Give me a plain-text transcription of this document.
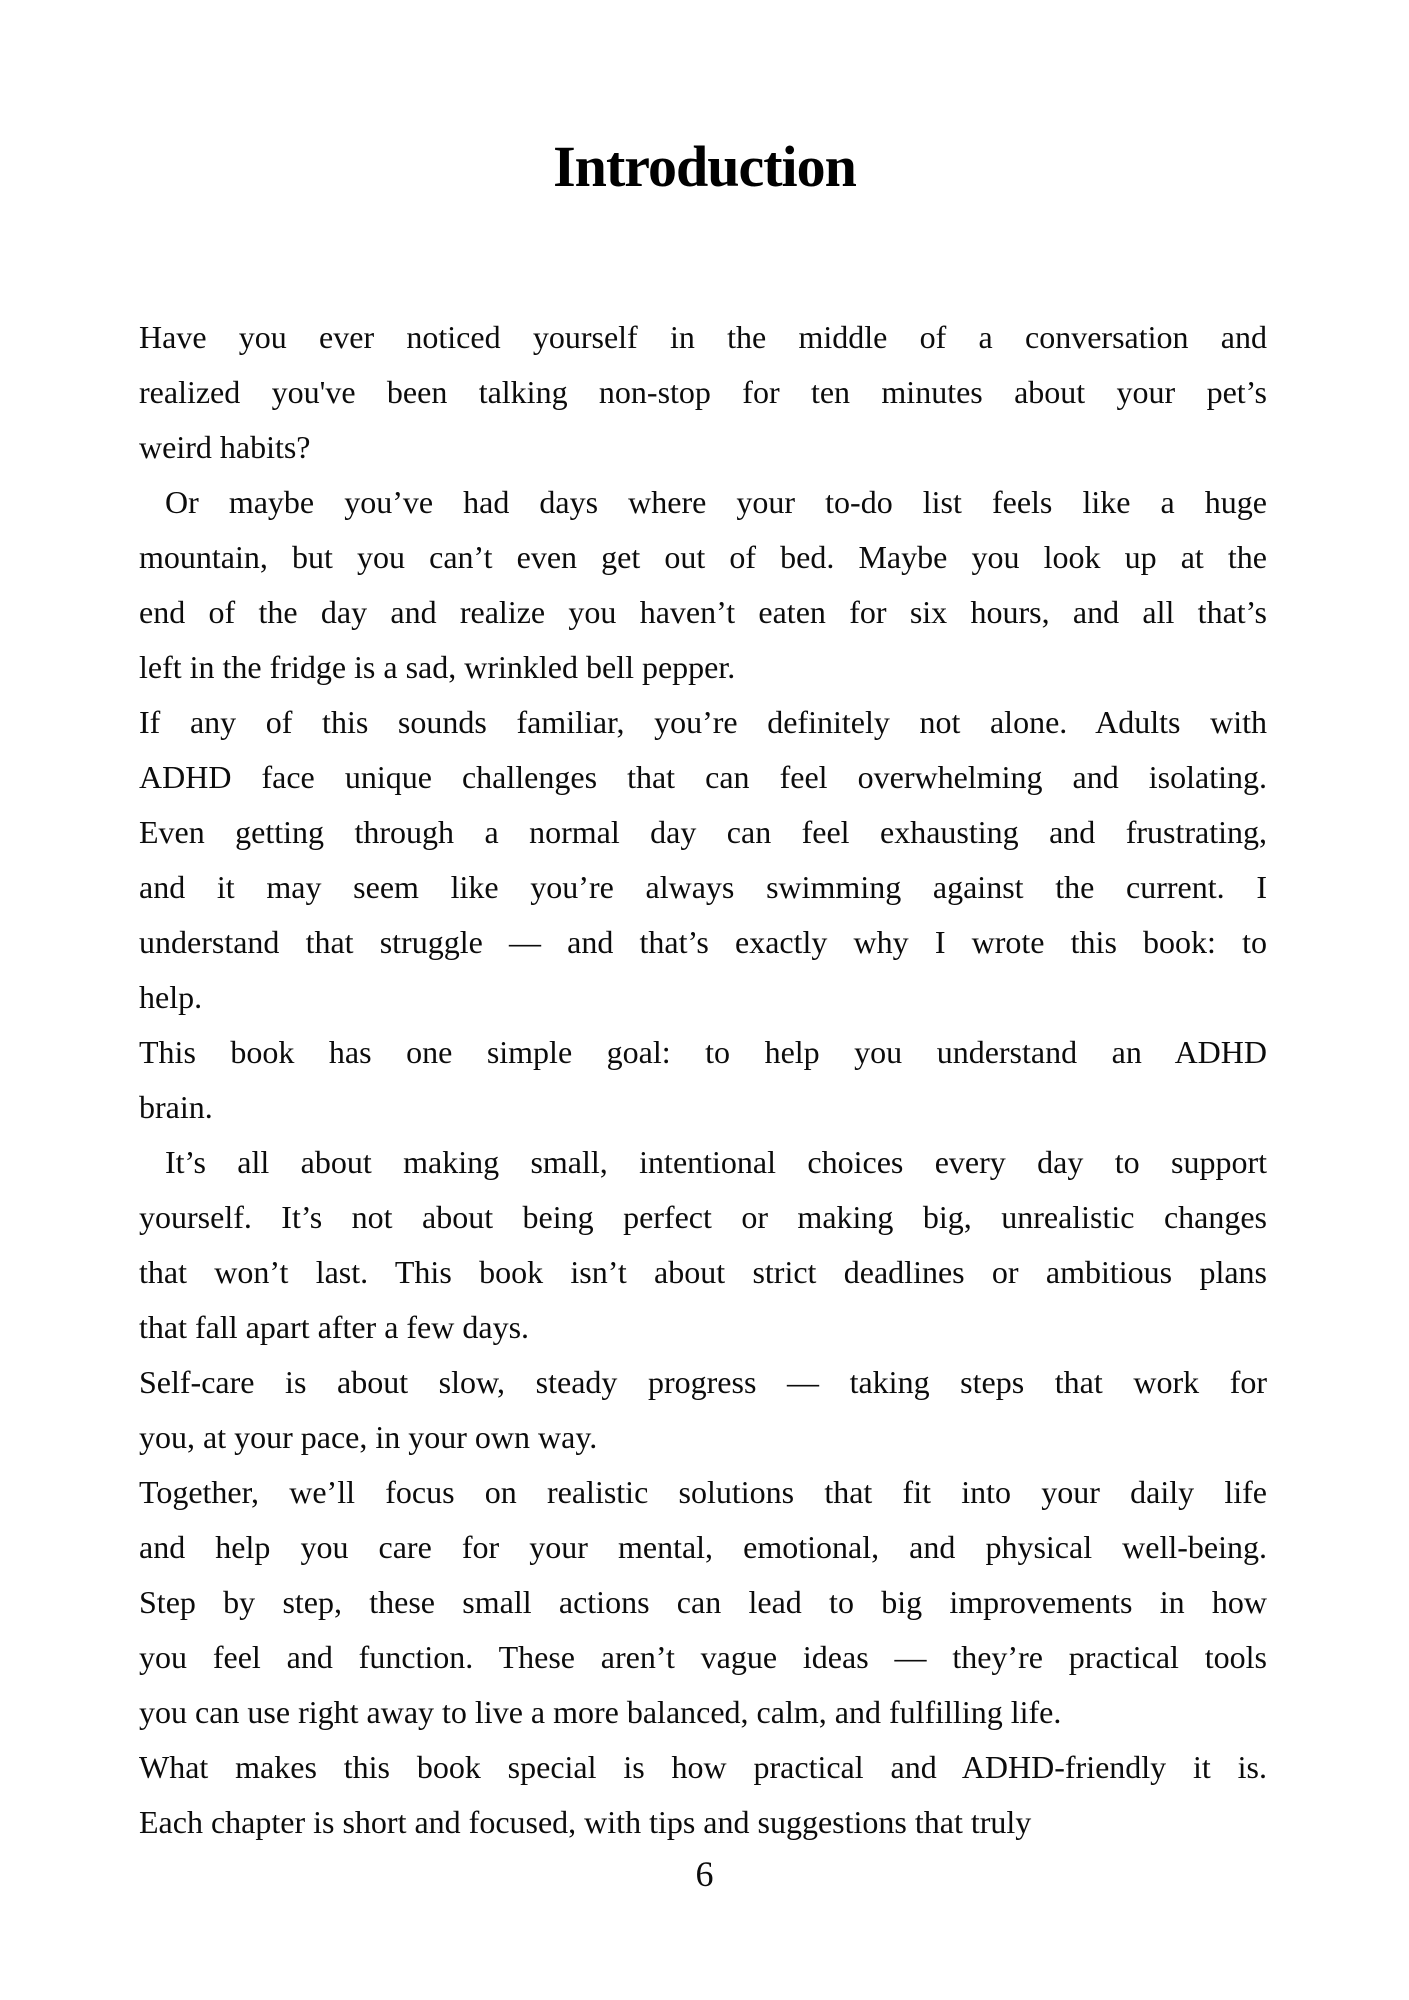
Introduction
Have you ever noticed yourself in the middle of a conversation and
realized you've been talking non-stop for ten minutes about your pet’s
weird habits?
Or maybe you’ve had days where your to-do list feels like a huge
mountain, but you can’t even get out of bed. Maybe you look up at the
end of the day and realize you haven’t eaten for six hours, and all that’s
left in the fridge is a sad, wrinkled bell pepper.
If any of this sounds familiar, you’re definitely not alone. Adults with
ADHD face unique challenges that can feel overwhelming and isolating.
Even getting through a normal day can feel exhausting and frustrating,
and it may seem like you’re always swimming against the current. I
understand that struggle — and that’s exactly why I wrote this book: to
help.
This book has one simple goal: to help you understand an ADHD
brain.
It’s all about making small, intentional choices every day to support
yourself. It’s not about being perfect or making big, unrealistic changes
that won’t last. This book isn’t about strict deadlines or ambitious plans
that fall apart after a few days.
Self-care is about slow, steady progress — taking steps that work for
you, at your pace, in your own way.
Together, we’ll focus on realistic solutions that fit into your daily life
and help you care for your mental, emotional, and physical well-being.
Step by step, these small actions can lead to big improvements in how
you feel and function. These aren’t vague ideas — they’re practical tools
you can use right away to live a more balanced, calm, and fulfilling life.
What makes this book special is how practical and ADHD-friendly it is.
Each chapter is short and focused, with tips and suggestions that truly
6
